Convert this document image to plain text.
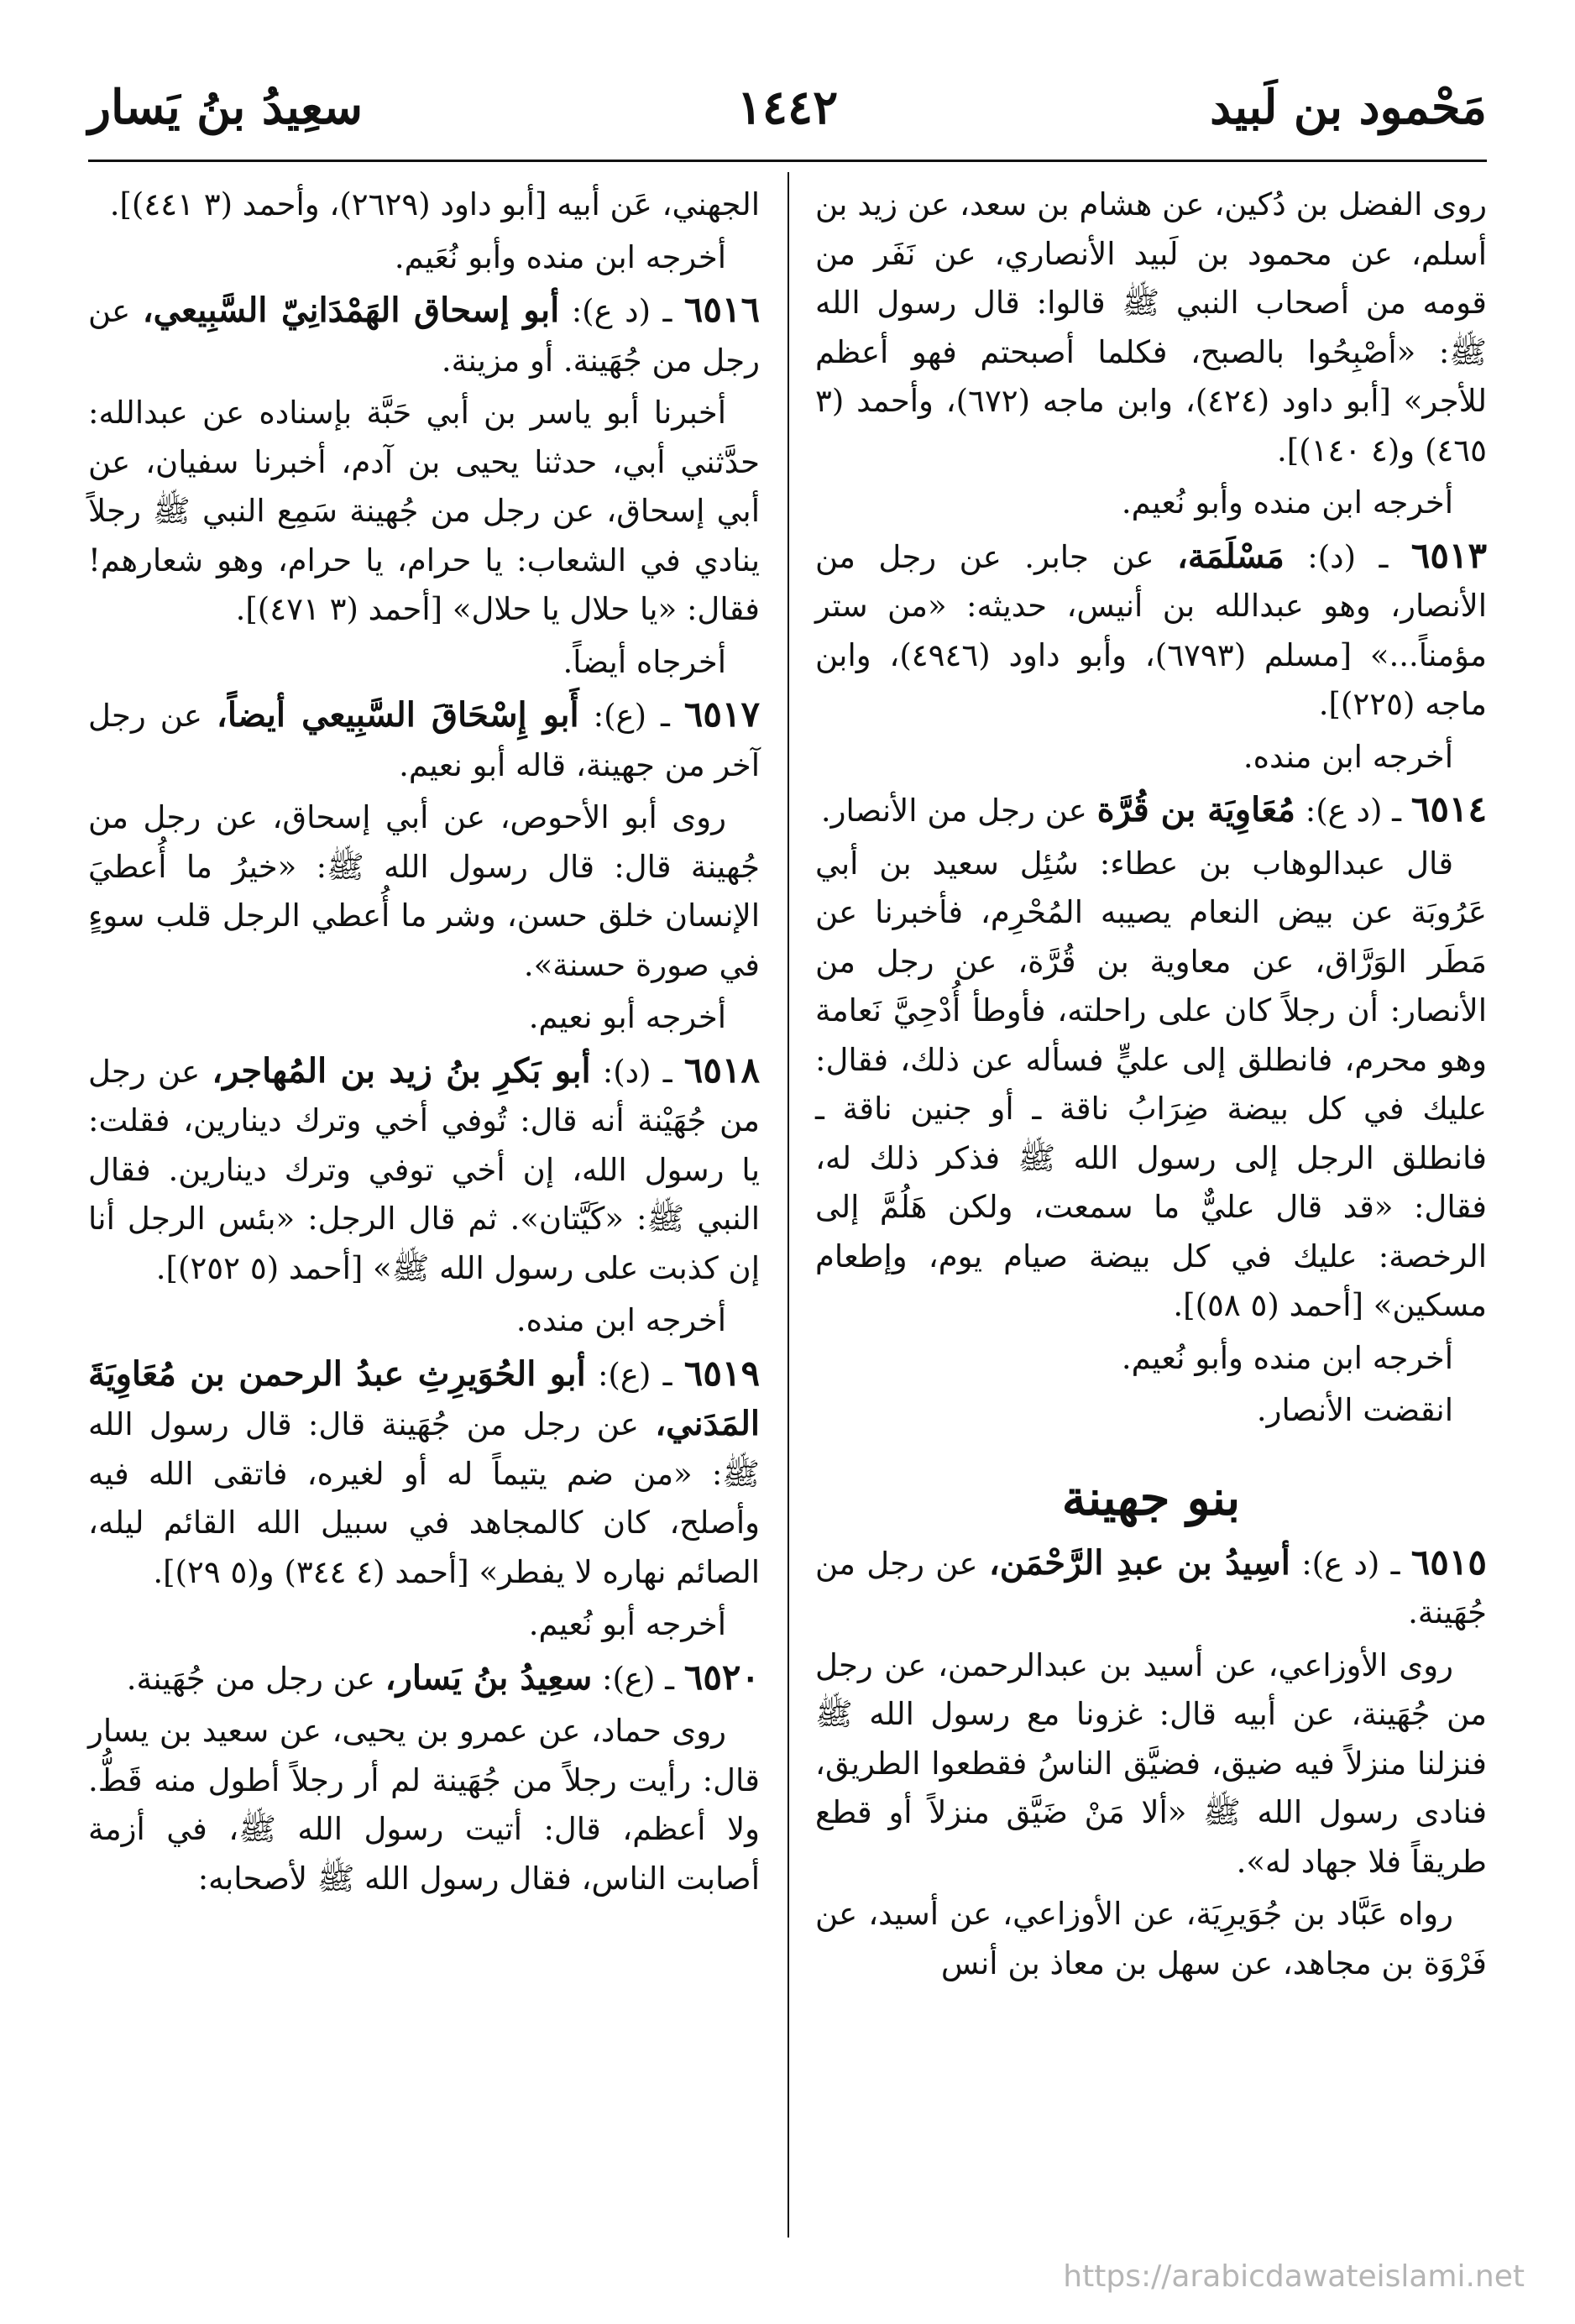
مَحْمود بن لَبيد
١٤٤٢
سعِيدُ بنُ يَسار

روى الفضل بن دُكين، عن هشام بن سعد، عن زيد بن أسلم، عن محمود بن لَبيد الأنصاري، عن نَفَر من قومه من أصحاب النبي ﷺ قالوا: قال رسول الله ﷺ: «أصْبِحُوا بالصبح، فكلما أصبحتم فهو أعظم للأجر» [أبو داود (٤٢٤)، وابن ماجه (٦٧٢)، وأحمد (٣ ٤٦٥) و(٤ ١٤٠)].

أخرجه ابن منده وأبو نُعيم.

٦٥١٣ ـ (د): مَسْلَمَة، عن جابر. عن رجل من الأنصار، وهو عبدالله بن أنيس، حديثه: «من ستر مؤمناً...» [مسلم (٦٧٩٣)، وأبو داود (٤٩٤٦)، وابن ماجه (٢٢٥)].

أخرجه ابن منده.

٦٥١٤ ـ (د ع): مُعَاوِيَة بن قُرَّة عن رجل من الأنصار.

قال عبدالوهاب بن عطاء: سُئِل سعيد بن أبي عَرُوبَة عن بيض النعام يصيبه المُحْرِم، فأخبرنا عن مَطَر الوَرَّاق، عن معاوية بن قُرَّة، عن رجل من الأنصار: أن رجلاً كان على راحلته، فأوطأ أُدْحِيَّ نَعامة وهو محرم، فانطلق إلى عليٍّ فسأله عن ذلك، فقال: عليك في كل بيضة ضِرَابُ ناقة ـ أو جنين ناقة ـ فانطلق الرجل إلى رسول الله ﷺ فذكر ذلك له، فقال: «قد قال عليٌّ ما سمعت، ولكن هَلُمَّ إلى الرخصة: عليك في كل بيضة صيام يوم، وإطعام مسكين» [أحمد (٥ ٥٨)].

أخرجه ابن منده وأبو نُعيم.

انقضت الأنصار.

بنو جهينة

٦٥١٥ ـ (د ع): أسِيدُ بن عبدِ الرَّحْمَن، عن رجل من جُهَينة.

روى الأوزاعي، عن أسيد بن عبدالرحمن، عن رجل من جُهَينة، عن أبيه قال: غزونا مع رسول الله ﷺ فنزلنا منزلاً فيه ضيق، فضيَّق الناسُ فقطعوا الطريق، فنادى رسول الله ﷺ «ألا مَنْ ضَيَّق منزلاً أو قطع طريقاً فلا جهاد له».

رواه عَبَّاد بن جُوَيرِيَة، عن الأوزاعي، عن أسيد، عن فَرْوَة بن مجاهد، عن سهل بن معاذ بن أنس

الجهني، عَن أبيه [أبو داود (٢٦٢٩)، وأحمد (٣ ٤٤١)].

أخرجه ابن منده وأبو نُعَيم.

٦٥١٦ ـ (د ع): أبو إسحاق الهَمْدَانِيّ السَّبِيعي، عن رجل من جُهَينة. أو مزينة.

أخبرنا أبو ياسر بن أبي حَبَّة بإسناده عن عبدالله: حدَّثني أبي، حدثنا يحيى بن آدم، أخبرنا سفيان، عن أبي إسحاق، عن رجل من جُهينة سَمِع النبي ﷺ رجلاً ينادي في الشعاب: يا حرام، يا حرام، وهو شعارهم! فقال: «يا حلال يا حلال» [أحمد (٣ ٤٧١)].

أخرجاه أيضاً.

٦٥١٧ ـ (ع): أَبو إِسْحَاقَ السَّبِيعي أيضاً، عن رجل آخر من جهينة، قاله أبو نعيم.

روى أبو الأحوص، عن أبي إسحاق، عن رجل من جُهينة قال: قال رسول الله ﷺ: «خيرُ ما أُعطيَ الإنسان خلق حسن، وشر ما أُعطي الرجل قلب سوءٍ في صورة حسنة».

أخرجه أبو نعيم.

٦٥١٨ ـ (د): أبو بَكرِ بنُ زيد بن المُهاجر، عن رجل من جُهَيْنة أنه قال: تُوفي أخي وترك دينارين، فقلت: يا رسول الله، إن أخي توفي وترك دينارين. فقال النبي ﷺ: «كَيَّتان». ثم قال الرجل: «بئس الرجل أنا إن كذبت على رسول الله ﷺ» [أحمد (٥ ٢٥٢)].

أخرجه ابن منده.

٦٥١٩ ـ (ع): أبو الحُوَيرِثِ عبدُ الرحمن بن مُعَاوِيَةَ المَدَني، عن رجل من جُهَينة قال: قال رسول الله ﷺ: «من ضم يتيماً له أو لغيره، فاتقى الله فيه وأصلح، كان كالمجاهد في سبيل الله القائم ليله، الصائم نهاره لا يفطر» [أحمد (٤ ٣٤٤) و(٥ ٢٩)].

أخرجه أبو نُعيم.

٦٥٢٠ ـ (ع): سعِيدُ بنُ يَسار، عن رجل من جُهَينة.

روى حماد، عن عمرو بن يحيى، عن سعيد بن يسار قال: رأيت رجلاً من جُهَينة لم أر رجلاً أطول منه قَطُّ. ولا أعظم، قال: أتيت رسول الله ﷺ، في أزمة أصابت الناس، فقال رسول الله ﷺ لأصحابه:

https://arabicdawateislami.net
